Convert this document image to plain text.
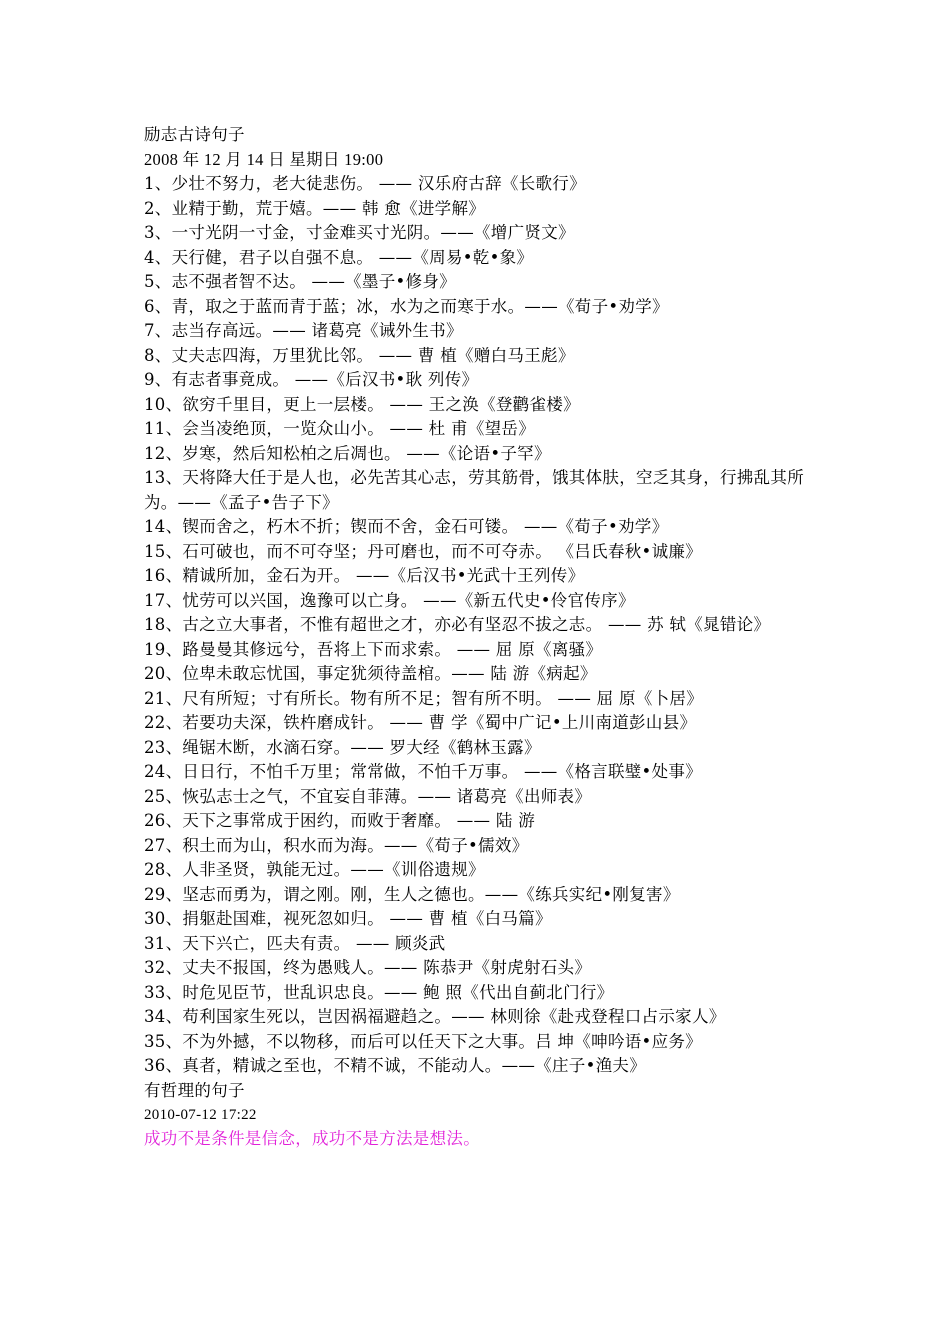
励志古诗句子
2008 年 12 月 14 日 星期日 19:00
1、少壮不努力，老大徒悲伤。 —— 汉乐府古辞《长歌行》
2、业精于勤，荒于嬉。—— 韩 愈《进学解》
3、一寸光阴一寸金，寸金难买寸光阴。——《增广贤文》
4、天行健，君子以自强不息。 ——《周易•乾•象》
5、志不强者智不达。 ——《墨子•修身》
6、青，取之于蓝而青于蓝；冰，水为之而寒于水。——《荀子•劝学》
7、志当存高远。—— 诸葛亮《诫外生书》
8、丈夫志四海，万里犹比邻。 —— 曹 植《赠白马王彪》
9、有志者事竟成。 ——《后汉书•耿 列传》
10、欲穷千里目，更上一层楼。 —— 王之涣《登鹳雀楼》
11、会当凌绝顶，一览众山小。 —— 杜 甫《望岳》
12、岁寒，然后知松柏之后凋也。 ——《论语•子罕》
13、天将降大任于是人也，必先苦其心志，劳其筋骨，饿其体肤，空乏其身，行拂乱其所为。——《孟子•告子下》
14、锲而舍之，朽木不折；锲而不舍，金石可镂。 ——《荀子•劝学》
15、石可破也，而不可夺坚；丹可磨也，而不可夺赤。 《吕氏春秋•诚廉》
16、精诚所加，金石为开。 ——《后汉书•光武十王列传》
17、忧劳可以兴国，逸豫可以亡身。 ——《新五代史•伶官传序》
18、古之立大事者，不惟有超世之才，亦必有坚忍不拔之志。 —— 苏 轼《晁错论》
19、路曼曼其修远兮，吾将上下而求索。 —— 屈 原《离骚》
20、位卑未敢忘忧国，事定犹须待盖棺。—— 陆 游《病起》
21、尺有所短；寸有所长。物有所不足；智有所不明。 —— 屈 原《卜居》
22、若要功夫深，铁杵磨成针。 —— 曹 学《蜀中广记•上川南道彭山县》
23、绳锯木断，水滴石穿。—— 罗大经《鹤林玉露》
24、日日行，不怕千万里；常常做，不怕千万事。 ——《格言联璧•处事》
25、恢弘志士之气，不宜妄自菲薄。—— 诸葛亮《出师表》
26、天下之事常成于困约，而败于奢靡。 —— 陆 游
27、积土而为山，积水而为海。——《荀子•儒效》
28、人非圣贤，孰能无过。——《训俗遗规》
29、坚志而勇为，谓之刚。刚，生人之德也。——《练兵实纪•刚复害》
30、捐躯赴国难，视死忽如归。 —— 曹 植《白马篇》
31、天下兴亡，匹夫有责。 —— 顾炎武
32、丈夫不报国，终为愚贱人。—— 陈恭尹《射虎射石头》
33、时危见臣节，世乱识忠良。—— 鲍 照《代出自蓟北门行》
34、苟利国家生死以，岂因祸福避趋之。—— 林则徐《赴戎登程口占示家人》
35、不为外撼，不以物移，而后可以任天下之大事。吕 坤《呻吟语•应务》
36、真者，精诚之至也，不精不诚，不能动人。——《庄子•渔夫》
有哲理的句子
2010-07-12 17:22
成功不是条件是信念，成功不是方法是想法。
